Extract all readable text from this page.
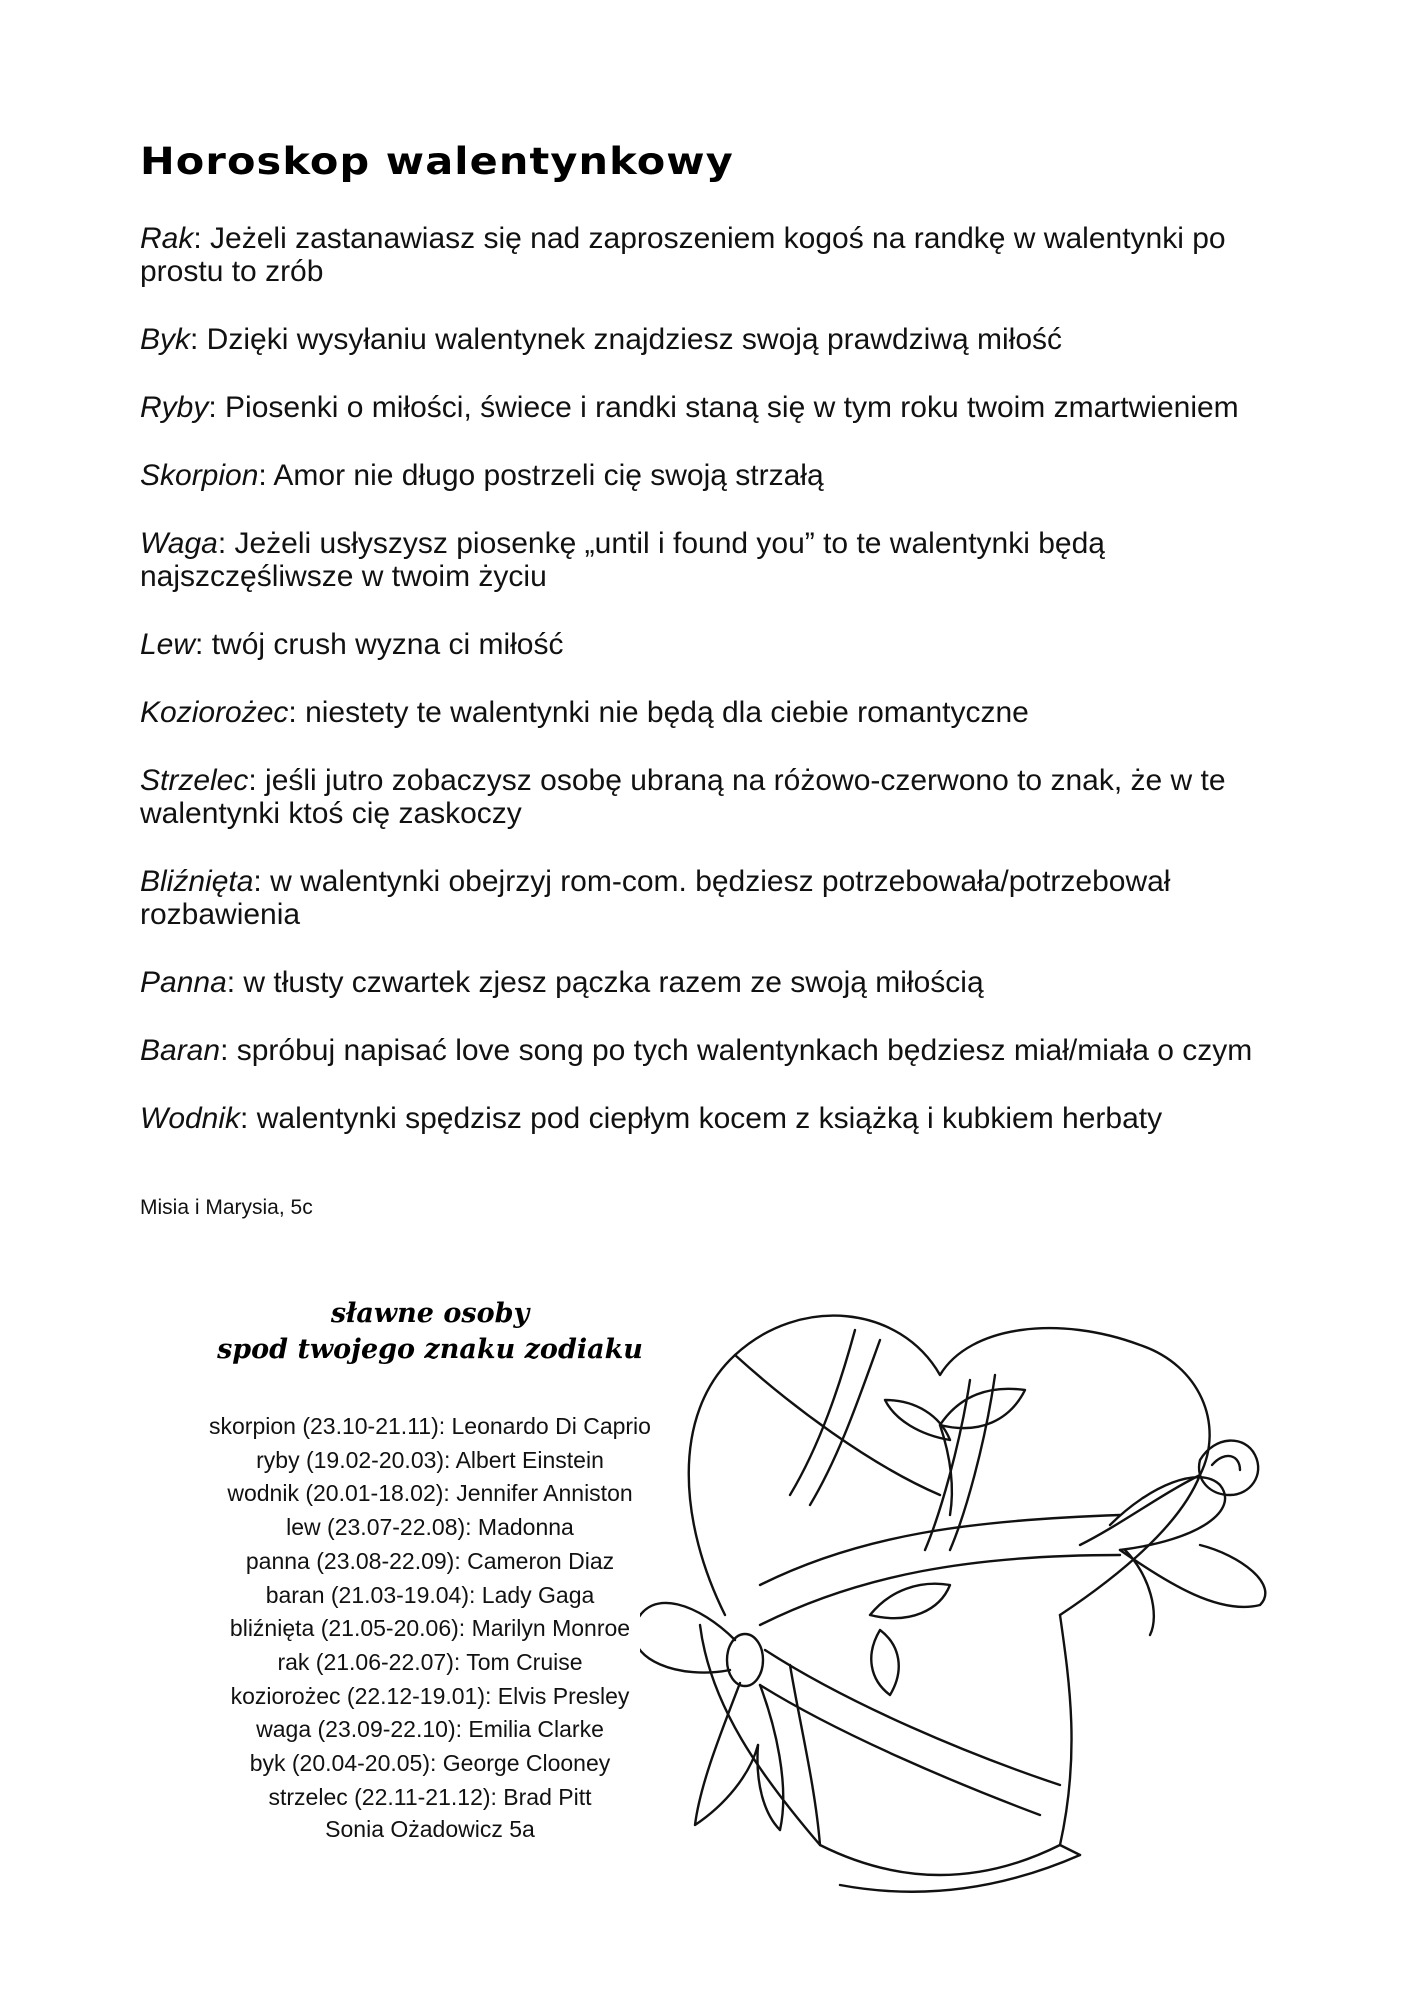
Horoskop walentynkowy

Rak: Jeżeli zastanawiasz się nad zaproszeniem kogoś na randkę w walentynki po prostu to zrób

Byk: Dzięki wysyłaniu walentynek znajdziesz swoją prawdziwą miłość

Ryby: Piosenki o miłości, świece i randki staną się w tym roku twoim zmartwieniem

Skorpion: Amor nie długo postrzeli cię swoją strzałą

Waga: Jeżeli usłyszysz piosenkę „until i found you” to te walentynki będą najszczęśliwsze w twoim życiu

Lew: twój crush wyzna ci miłość

Koziorożec: niestety te walentynki nie będą dla ciebie romantyczne

Strzelec: jeśli jutro zobaczysz osobę ubraną na różowo-czerwono to znak, że w te walentynki ktoś cię zaskoczy

Bliźnięta: w walentynki obejrzyj rom-com. będziesz potrzebowała/potrzebował rozbawienia

Panna: w tłusty czwartek zjesz pączka razem ze swoją miłością

Baran: spróbuj napisać love song po tych walentynkach będziesz miał/miała o czym

Wodnik: walentynki spędzisz pod ciepłym kocem z książką i kubkiem herbaty

Misia i Marysia, 5c

sławne osoby
spod twojego znaku zodiaku
skorpion (23.10-21.11): Leonardo Di Caprio
ryby (19.02-20.03): Albert Einstein
wodnik (20.01-18.02): Jennifer Anniston
lew (23.07-22.08): Madonna
panna (23.08-22.09): Cameron Diaz
baran (21.03-19.04): Lady Gaga
bliźnięta (21.05-20.06): Marilyn Monroe
rak (21.06-22.07): Tom Cruise
koziorożec (22.12-19.01): Elvis Presley
waga (23.09-22.10): Emilia Clarke
byk (20.04-20.05): George Clooney
strzelec (22.11-21.12): Brad Pitt

Sonia Ożadowicz 5a
